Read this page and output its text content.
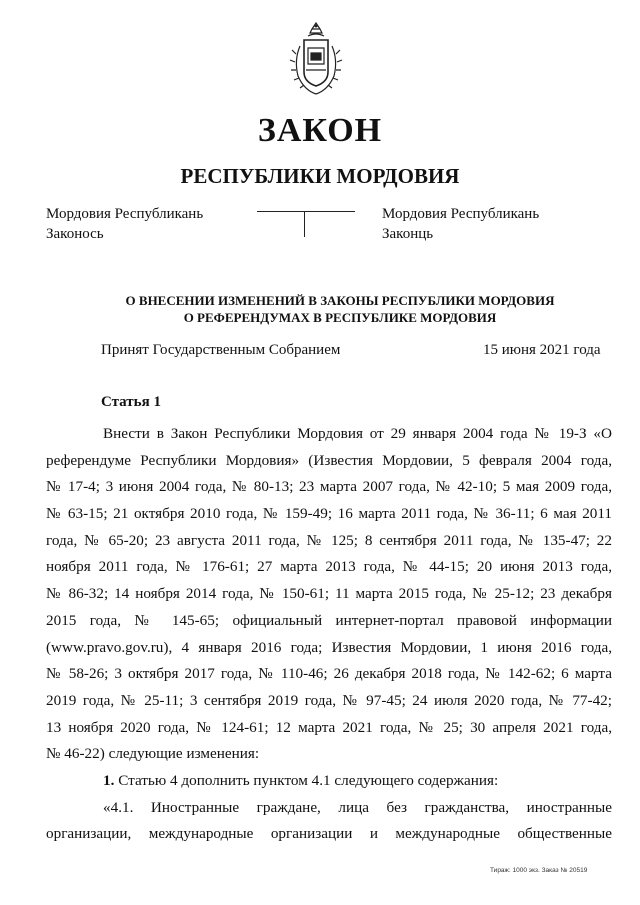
ЗАКОН
РЕСПУБЛИКИ МОРДОВИЯ
Мордовия Республикань
Законось
Мордовия Республикань
Законць
О ВНЕСЕНИИ ИЗМЕНЕНИЙ В ЗАКОНЫ РЕСПУБЛИКИ МОРДОВИЯ
О РЕФЕРЕНДУМАХ В РЕСПУБЛИКЕ МОРДОВИЯ
Принят Государственным Собранием	15 июня 2021 года
Статья 1
Внести в Закон Республики Мордовия от 29 января 2004 года № 19-З «О
референдуме Республики Мордовия» (Известия Мордовии, 5 февраля 2004 года,
№ 17-4; 3 июня 2004 года, № 80-13; 23 марта 2007 года, № 42-10; 5 мая 2009 года,
№ 63-15; 21 октября 2010 года, № 159-49; 16 марта 2011 года, № 36-11; 6 мая 2011
года, № 65-20; 23 августа 2011 года, № 125; 8 сентября 2011 года, № 135-47; 22
ноября 2011 года, № 176-61; 27 марта 2013 года, № 44-15; 20 июня 2013 года,
№ 86-32; 14 ноября 2014 года, № 150-61; 11 марта 2015 года, № 25-12; 23 декабря
2015 года, № 145-65; официальный интернет-портал правовой информации
(www.pravo.gov.ru), 4 января 2016 года; Известия Мордовии, 1 июня 2016 года,
№ 58-26; 3 октября 2017 года, № 110-46; 26 декабря 2018 года, № 142-62; 6 марта
2019 года, № 25-11; 3 сентября 2019 года, № 97-45; 24 июля 2020 года, № 77-42;
13 ноября 2020 года, № 124-61; 12 марта 2021 года, № 25; 30 апреля 2021 года,
№ 46-22) следующие изменения:
1. Статью 4 дополнить пунктом 4.1 следующего содержания:
«4.1. Иностранные граждане, лица без гражданства, иностранные
организации, международные организации и международные общественные
Тираж: 1000 экз. Заказ № 20519
